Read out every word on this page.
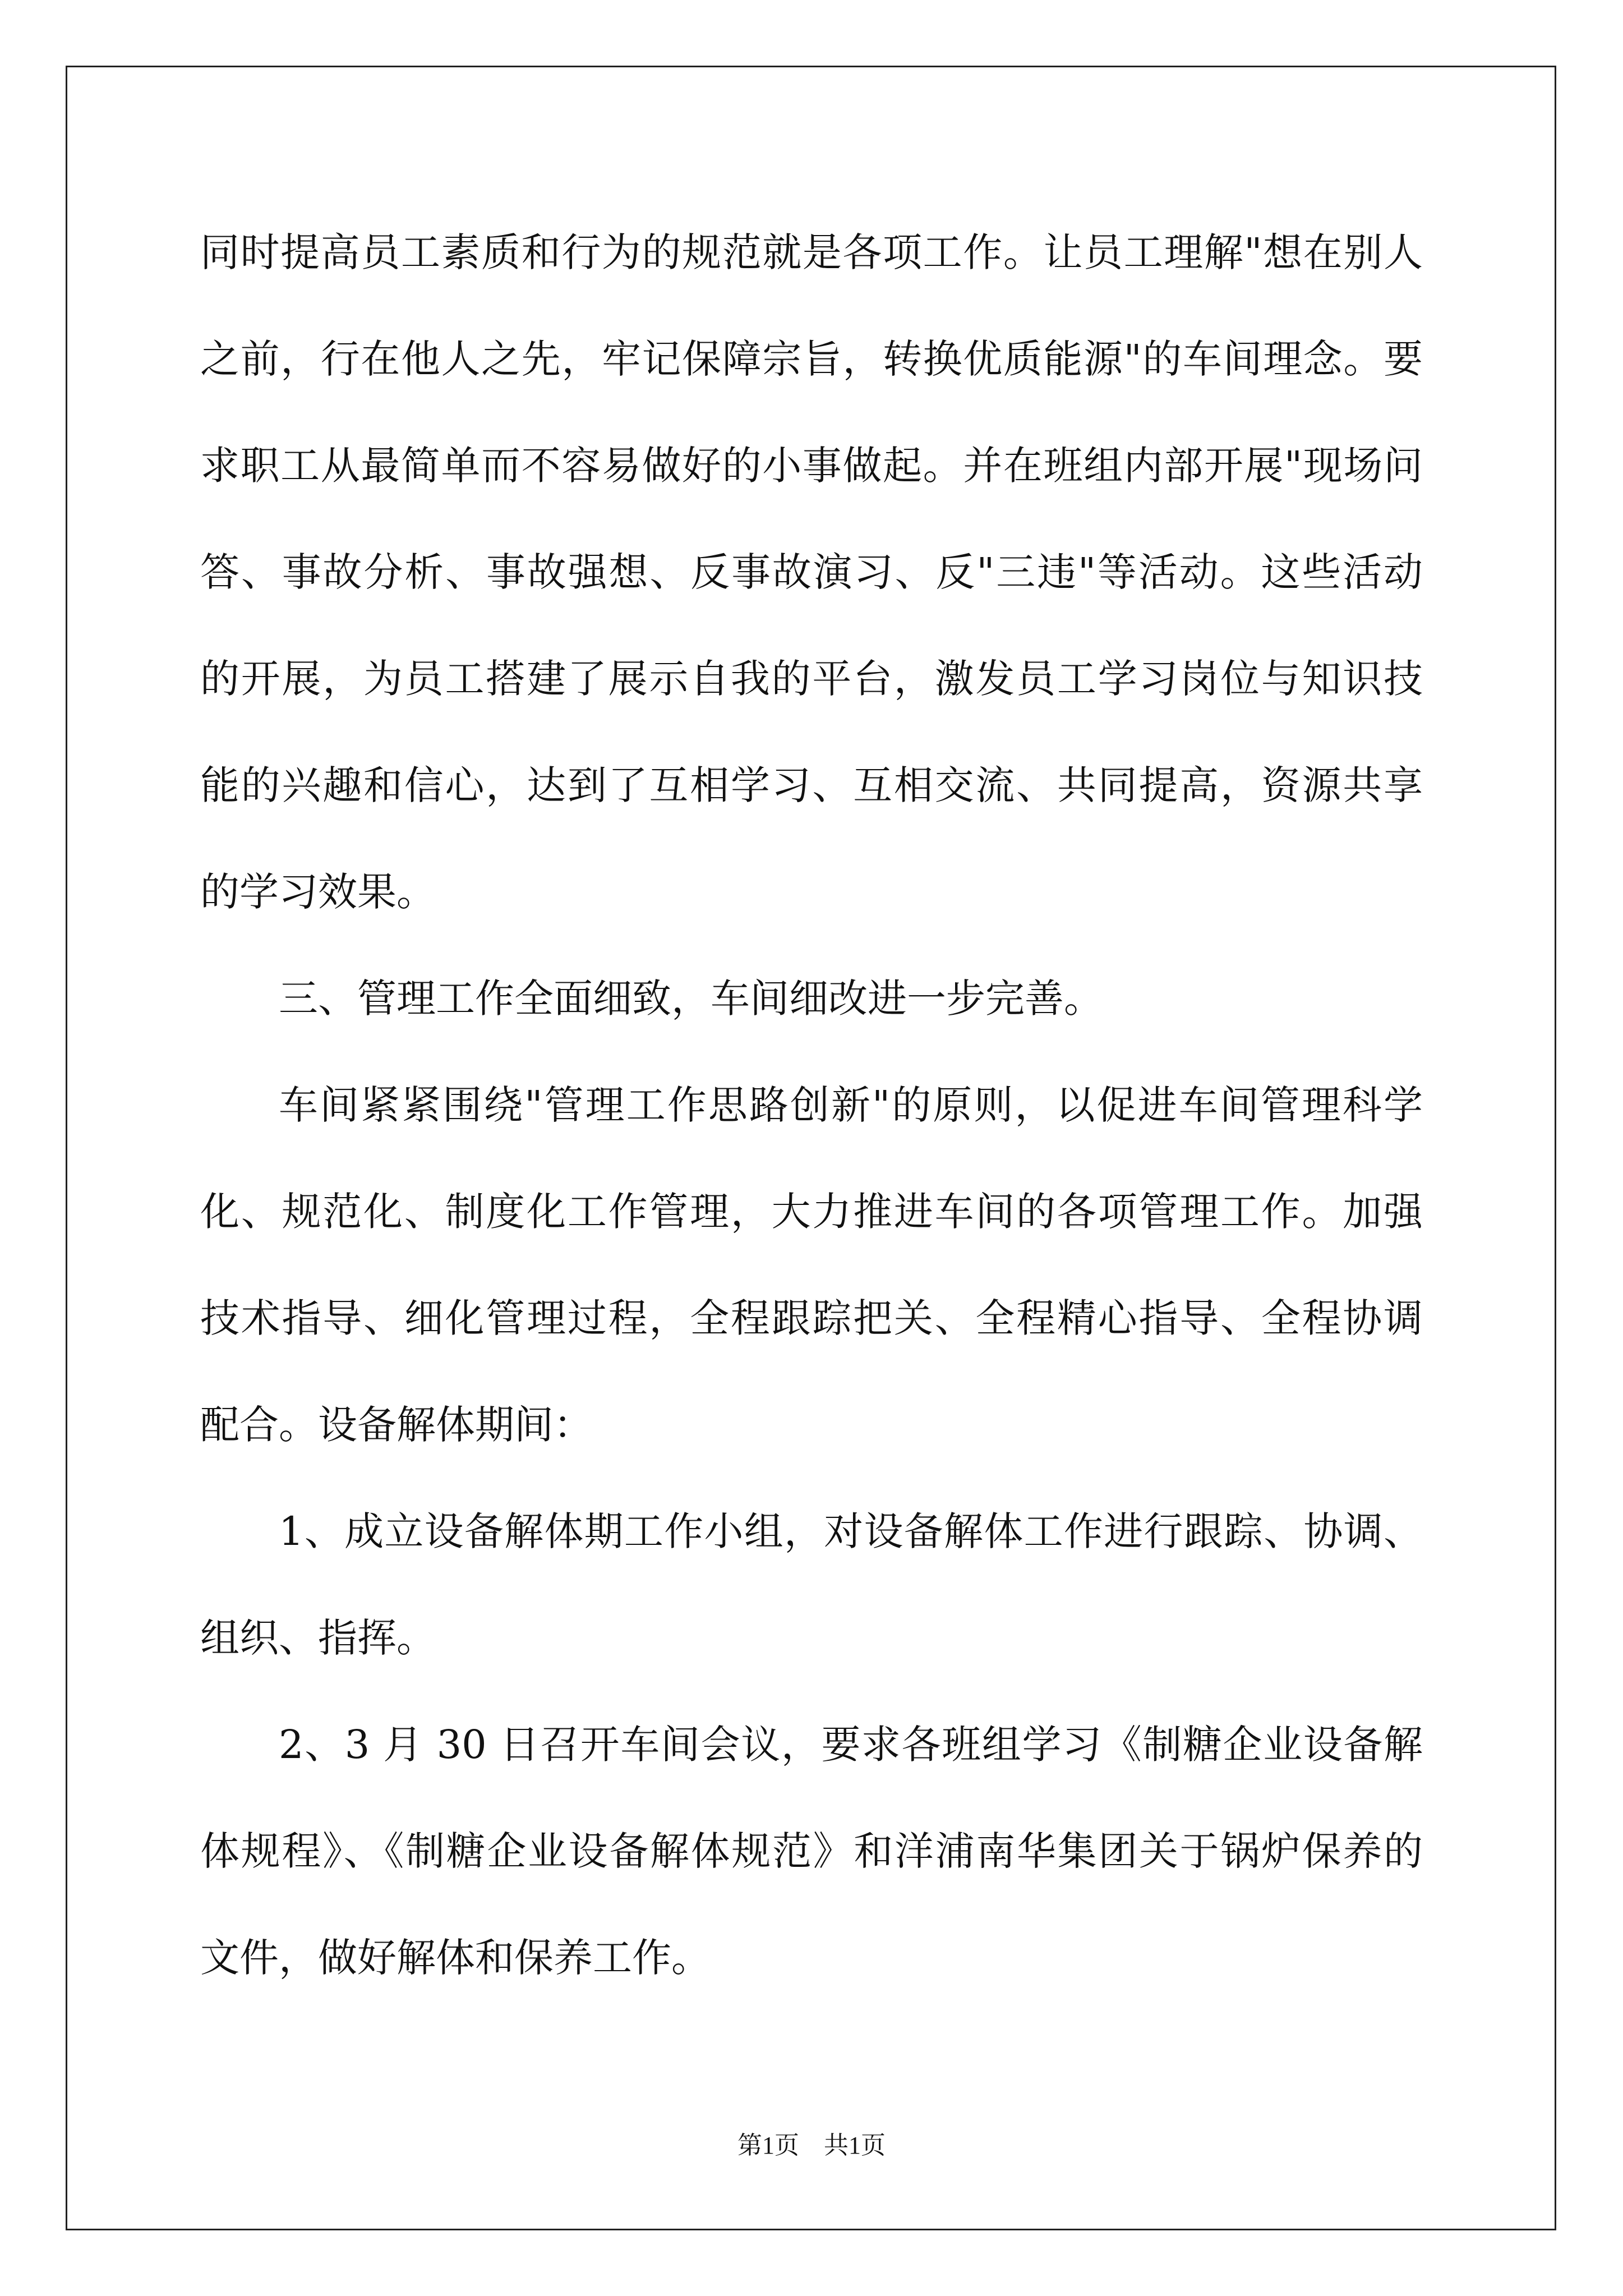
同时提高员工素质和行为的规范就是各项工作。让员工理解"想在别人
之前，行在他人之先，牢记保障宗旨，转换优质能源"的车间理念。要
求职工从最简单而不容易做好的小事做起。并在班组内部开展"现场问
答、事故分析、事故强想、反事故演习、反"三违"等活动。这些活动
的开展，为员工搭建了展示自我的平台，激发员工学习岗位与知识技
能的兴趣和信心，达到了互相学习、互相交流、共同提高，资源共享
的学习效果。
三、管理工作全面细致，车间细改进一步完善。
车间紧紧围绕"管理工作思路创新"的原则，以促进车间管理科学
化、规范化、制度化工作管理，大力推进车间的各项管理工作。加强
技术指导、细化管理过程，全程跟踪把关、全程精心指导、全程协调
配合。设备解体期间：
1、成立设备解体期工作小组，对设备解体工作进行跟踪、协调、
组织、指挥。
2、3 月 30 日召开车间会议，要求各班组学习《制糖企业设备解
体规程》、《制糖企业设备解体规范》和洋浦南华集团关于锅炉保养的
文件，做好解体和保养工作。
第1页 共1页
